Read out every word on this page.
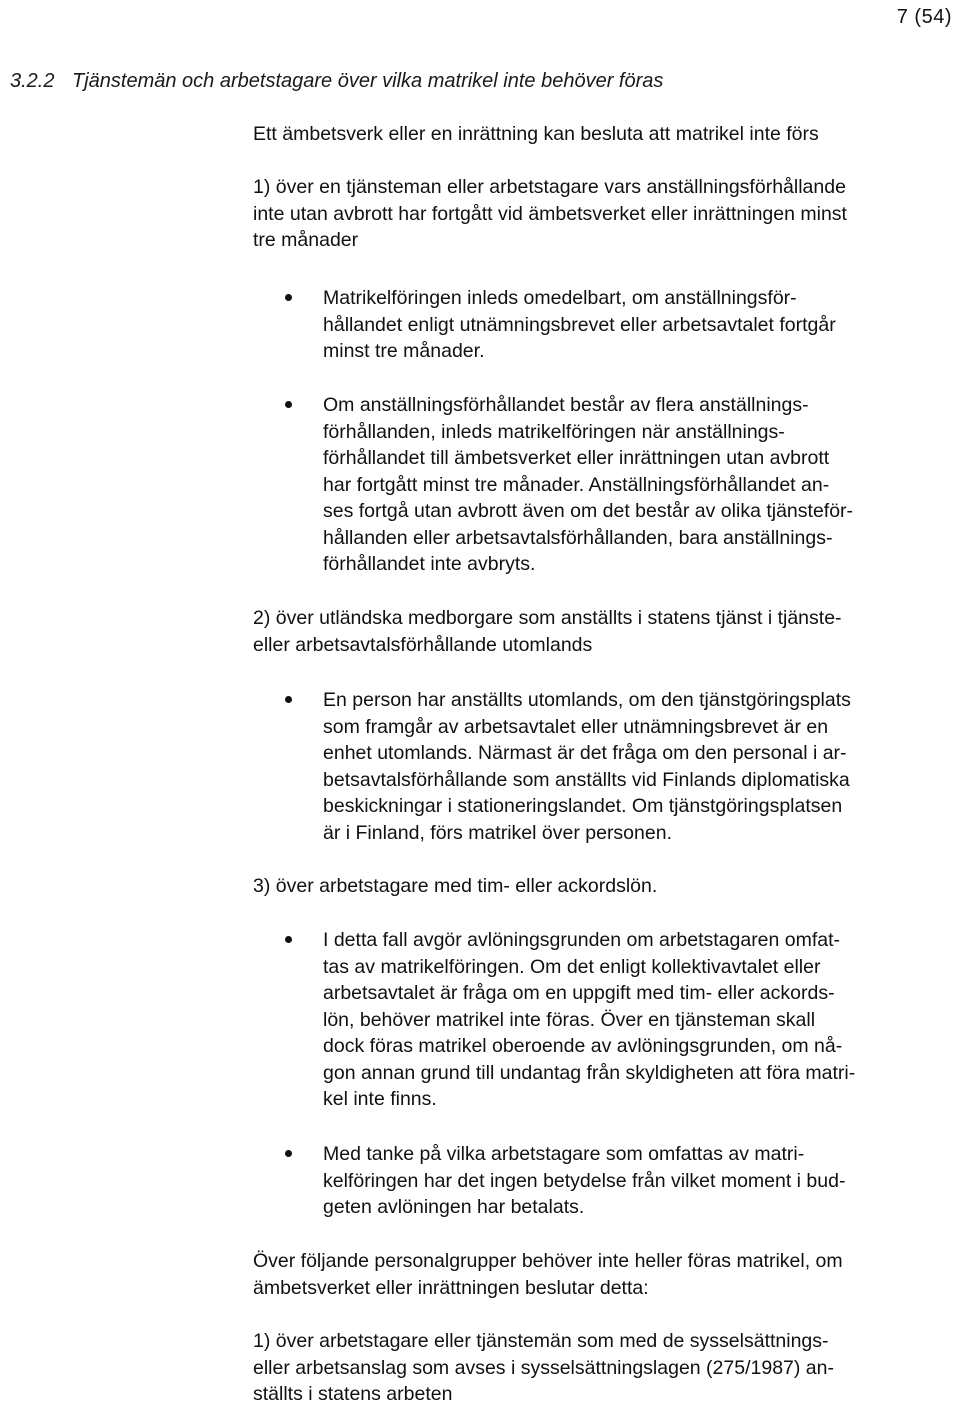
7 (54)
3.2.2 Tjänstemän och arbetstagare över vilka matrikel inte behöver föras
Ett ämbetsverk eller en inrättning kan besluta att matrikel inte förs
1) över en tjänsteman eller arbetstagare vars anställningsförhållande
inte utan avbrott har fortgått vid ämbetsverket eller inrättningen minst
tre månader
Matrikelföringen inleds omedelbart, om anställningsför-
hållandet enligt utnämningsbrevet eller arbetsavtalet fortgår
minst tre månader.
Om anställningsförhållandet består av flera anställnings-
förhållanden, inleds matrikelföringen när anställnings-
förhållandet till ämbetsverket eller inrättningen utan avbrott
har fortgått minst tre månader. Anställningsförhållandet an-
ses fortgå utan avbrott även om det består av olika tjänsteför-
hållanden eller arbetsavtalsförhållanden, bara anställnings-
förhållandet inte avbryts.
2) över utländska medborgare som anställts i statens tjänst i tjänste-
eller arbetsavtalsförhållande utomlands
En person har anställts utomlands, om den tjänstgöringsplats
som framgår av arbetsavtalet eller utnämningsbrevet är en
enhet utomlands. Närmast är det fråga om den personal i ar-
betsavtalsförhållande som anställts vid Finlands diplomatiska
beskickningar i stationeringslandet. Om tjänstgöringsplatsen
är i Finland, förs matrikel över personen.
3) över arbetstagare med tim- eller ackordslön.
I detta fall avgör avlöningsgrunden om arbetstagaren omfat-
tas av matrikelföringen. Om det enligt kollektivavtalet eller
arbetsavtalet är fråga om en uppgift med tim- eller ackords-
lön, behöver matrikel inte föras. Över en tjänsteman skall
dock föras matrikel oberoende av avlöningsgrunden, om nå-
gon annan grund till undantag från skyldigheten att föra matri-
kel inte finns.
Med tanke på vilka arbetstagare som omfattas av matri-
kelföringen har det ingen betydelse från vilket moment i bud-
geten avlöningen har betalats.
Över följande personalgrupper behöver inte heller föras matrikel, om
ämbetsverket eller inrättningen beslutar detta:
1) över arbetstagare eller tjänstemän som med de sysselsättnings-
eller arbetsanslag som avses i sysselsättningslagen (275/1987) an-
ställts i statens arbeten
